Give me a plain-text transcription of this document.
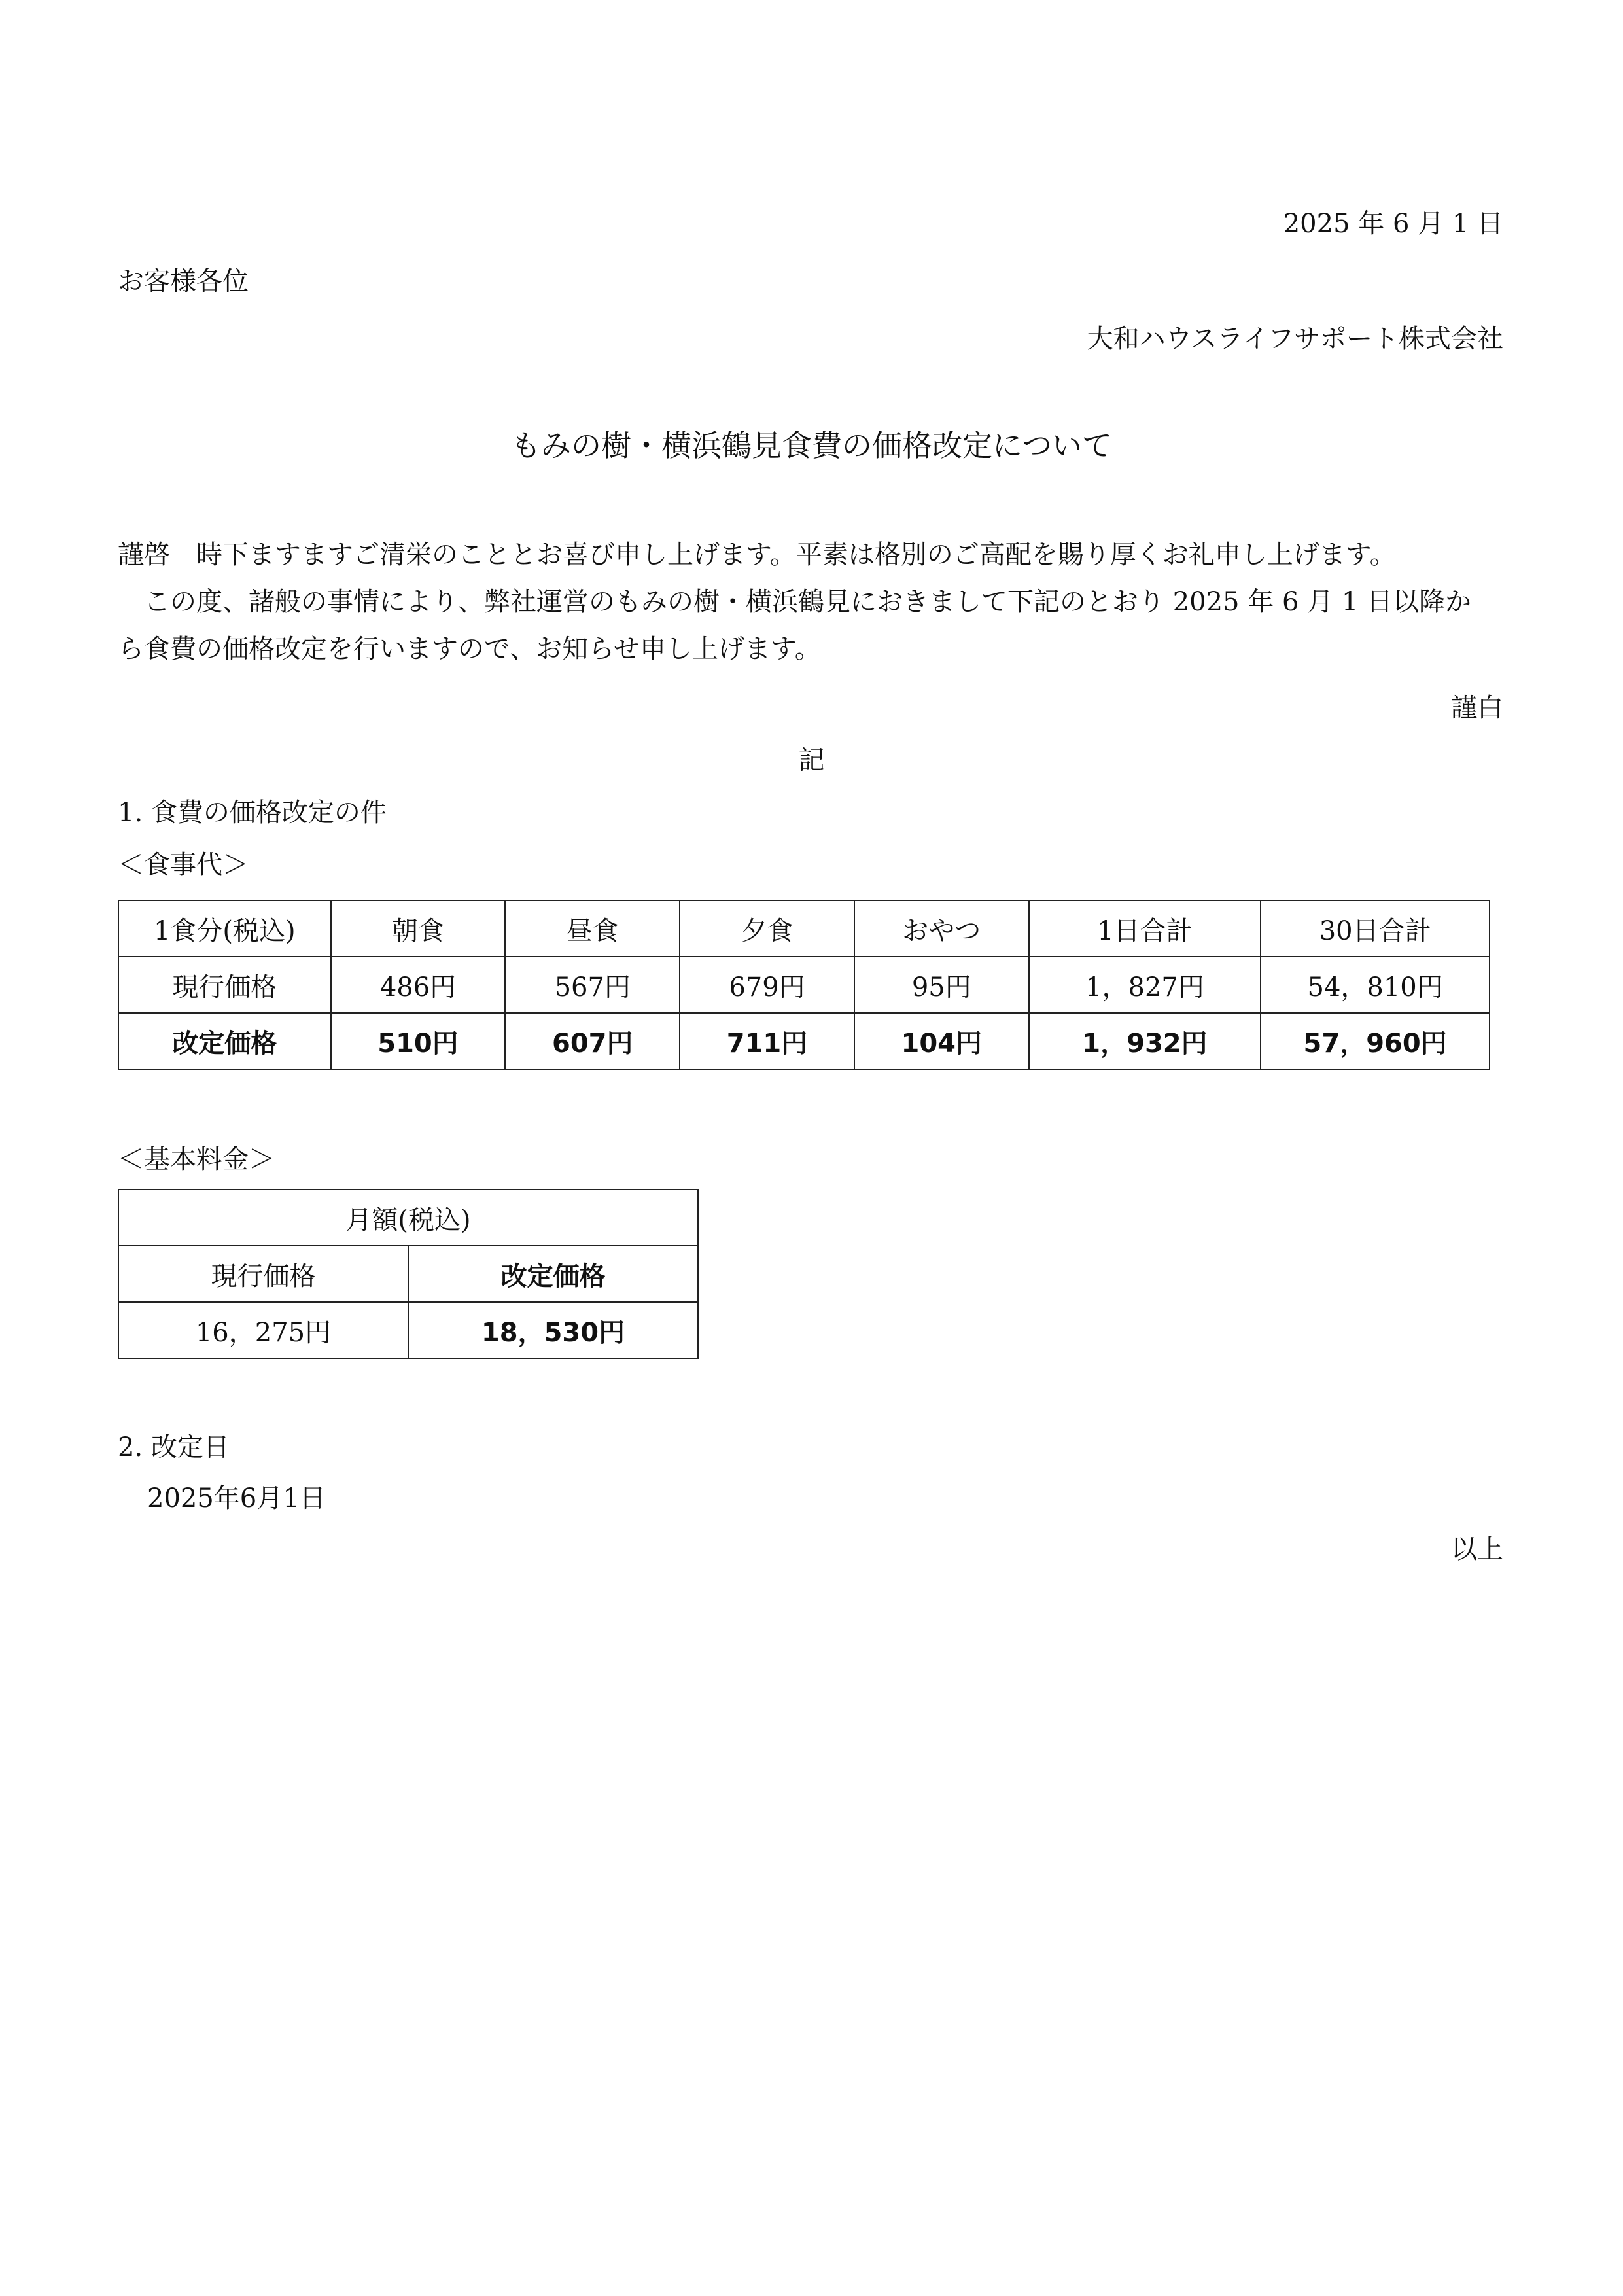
2025 年 6 月 1 日
お客様各位
大和ハウスライフサポート株式会社
もみの樹・横浜鶴見食費の価格改定について

謹啓　時下ますますご清栄のこととお喜び申し上げます。平素は格別のご高配を賜り厚くお礼申し上げます。

この度、諸般の事情により、弊社運営のもみの樹・横浜鶴見におきまして下記のとおり 2025 年 6 月 1 日以降か

ら食費の価格改定を行いますので、お知らせ申し上げます。

謹白
記
1. 食費の価格改定の件
＜食事代＞
1食分(税込)	朝食	昼食	夕食	おやつ	1日合計	30日合計
現行価格	486円	567円	679円	95円	1，827円	54，810円
改定価格	510円	607円	711円	104円	1，932円	57，960円
＜基本料金＞
月額(税込)	
現行価格	改定価格
16，275円	18，530円
2. 改定日
2025年6月1日
以上
